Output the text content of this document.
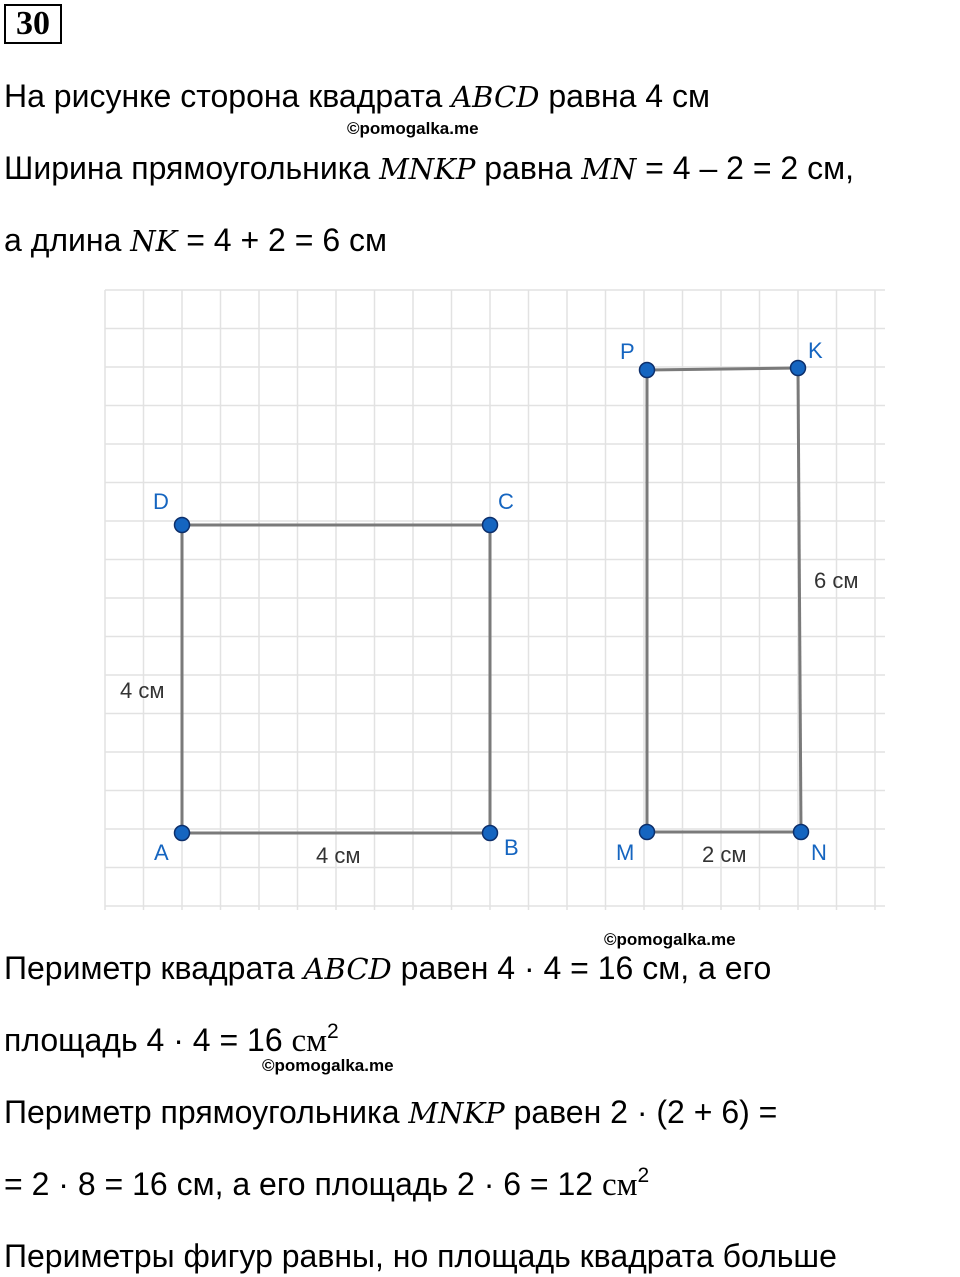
30
На рисунке сторона квадрата ABCD равна 4 см
©pomogalka.me
Ширина прямоугольника MNKP равна MN = 4 – 2 = 2 см,
а длина NK = 4 + 2 = 6 см
A	B
C
D
M	N
K
P
4 см
4 см
2 см
6 см
©pomogalka.me
Периметр квадрата ABCD равен 4 · 4 = 16 см, а его
площадь 4 · 4 = 16 $см^2$
©pomogalka.me
Периметр прямоугольника MNKP равен 2 · (2 + 6) =
= 2 · 8 = 16 см, а его площадь 2 · 6 = 12 $см^2$
Периметры фигур равны, но площадь квадрата больше
